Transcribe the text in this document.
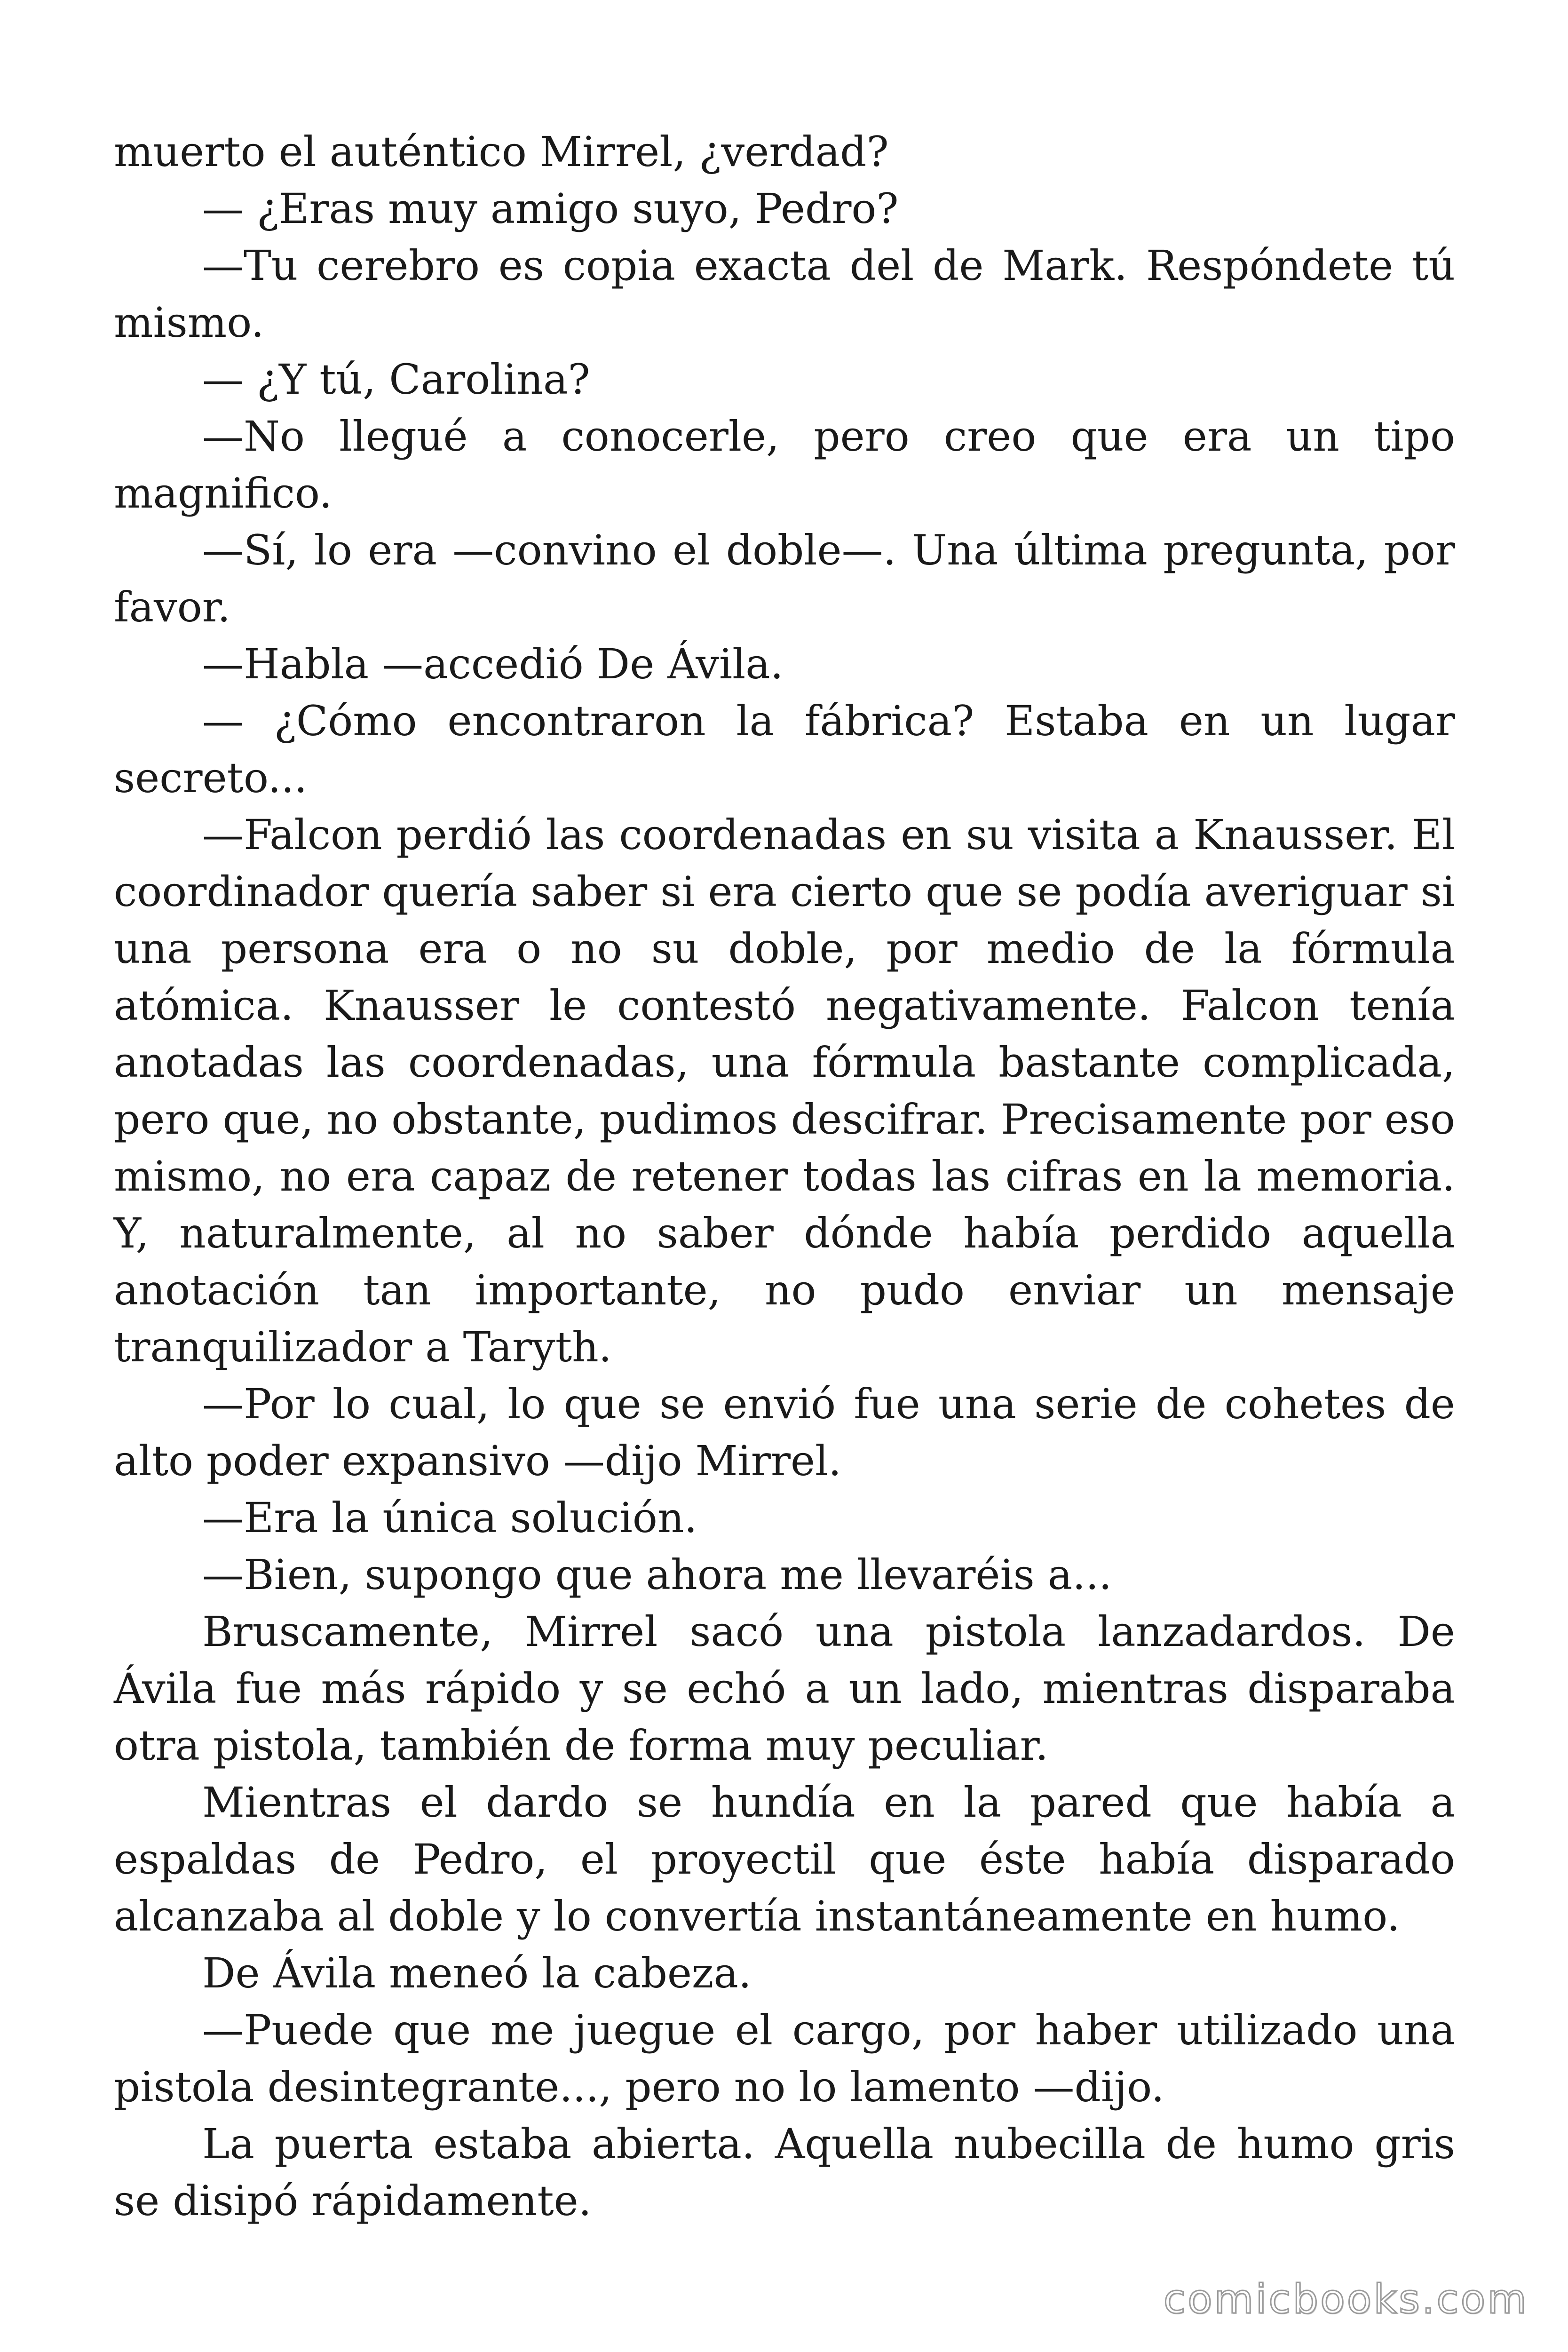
muerto el auténtico Mirrel, ¿verdad?

— ¿Eras muy amigo suyo, Pedro?

—Tu cerebro es copia exacta del de Mark. Respóndete tú mismo.

— ¿Y tú, Carolina?

—No llegué a conocerle, pero creo que era un tipo magnifico.

—Sí, lo era —convino el doble—. Una última pregunta, por favor.

—Habla —accedió De Ávila.

— ¿Cómo encontraron la fábrica? Estaba en un lugar secreto...

—Falcon perdió las coordenadas en su visita a Knausser. El coordinador quería saber si era cierto que se podía averiguar si una persona era o no su doble, por medio de la fórmula atómica. Knausser le contestó negativamente. Falcon tenía anotadas las coordenadas, una fórmula bastante complicada, pero que, no obstante, pudimos descifrar. Precisamente por eso mismo, no era capaz de retener todas las cifras en la memoria. Y, naturalmente, al no saber dónde había perdido aquella anotación tan importante, no pudo enviar un mensaje tranquilizador a Taryth.

—Por lo cual, lo que se envió fue una serie de cohetes de alto poder expansivo —dijo Mirrel.

—Era la única solución.

—Bien, supongo que ahora me llevaréis a...

Bruscamente, Mirrel sacó una pistola lanzadardos. De Ávila fue más rápido y se echó a un lado, mientras disparaba otra pistola, también de forma muy peculiar.

Mientras el dardo se hundía en la pared que había a espaldas de Pedro, el proyectil que éste había disparado alcanzaba al doble y lo convertía instantáneamente en humo.

De Ávila meneó la cabeza.

—Puede que me juegue el cargo, por haber utilizado una pistola desintegrante..., pero no lo lamento —dijo.

La puerta estaba abierta. Aquella nubecilla de humo gris se disipó rápidamente.

comicbooks.com
